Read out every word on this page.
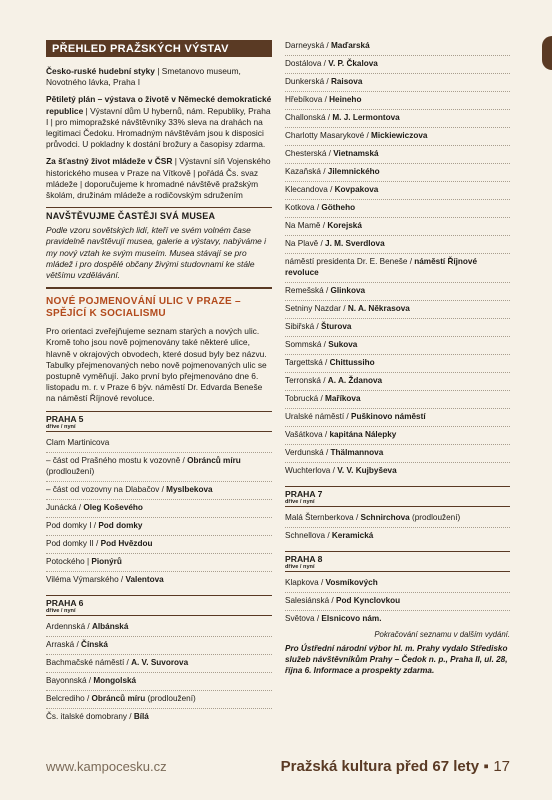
PŘEHLED PRAŽSKÝCH VÝSTAV

Česko-ruské hudební styky | Smetanovo museum, Novotného lávka, Praha I

Pětiletý plán – výstava o životě v Německé demokratické republice | Výstavní dům U hybernů, nám. Republiky, Praha I | pro mimopražské návštěvníky 33% sleva na drahách na legitimaci Čedoku. Hromadným návštěvám jsou k disposici průvodci. U pokladny k dostání brožury a časopisy zdarma.

Za šťastný život mládeže v ČSR | Výstavní síň Vojenského historického musea v Praze na Vítkově | pořádá Čs. svaz mládeže | doporučujeme k hromadné návštěvě pražským školám, družinám mládeže a rodičovským sdružením

NAVŠTĚVUJME ČASTĚJI SVÁ MUSEA

Podle vzoru sovětských lidí, kteří ve svém volném čase pravidelně navštěvují musea, galerie a výstavy, nabýváme i my nový vztah ke svým museím. Musea stávají se pro mládež i pro dospělé občany živými studovnami ke stále většímu vzdělávání.

NOVÉ POJMENOVÁNÍ ULIC V PRAZE – SPĚJÍCÍ K SOCIALISMU

Pro orientaci zveřejňujeme seznam starých a nových ulic. Kromě toho jsou nově pojmenovány také některé ulice, hlavně v okrajových obvodech, které dosud byly bez názvu. Tabulky přejmenovaných nebo nově pojmenovaných ulic se postupně vyměňují. Jako první bylo přejmenováno dne 6. listopadu m. r. v Praze 6 býv. náměstí Dr. Edvarda Beneše na náměstí Říjnové revoluce.

PRAHA 5
dříve / nyní
Clam Martinicova
– část od Prašného mostu k vozovně / Obránců míru (prodloužení)
– část od vozovny na Dlabačov / Myslbekova
Junácká / Oleg Koševého
Pod domky I / Pod domky
Pod domky II / Pod Hvězdou
Potockého | Pionýrů
Viléma Výmarského / Valentova
PRAHA 6
dříve / nyní
Ardennská / Albánská
Arraská / Čínská
Bachmačské náměstí / A. V. Suvorova
Bayonnská / Mongolská
Belcrediho / Obránců míru (prodloužení)
Čs. italské domobrany / Bílá
Darneyská / Maďarská
Dostálova / V. P. Čkalova
Dunkerská / Raisova
Hřebíkova / Heineho
Challonská / M. J. Lermontova
Charlotty Masarykové / Mickiewiczova
Chesterská / Vietnamská
Kazaňská / Jilemnického
Klecandova / Kovpakova
Kotkova / Götheho
Na Mamě / Korejská
Na Plavě / J. M. Sverdlova
náměstí presidenta Dr. E. Beneše / náměstí Říjnové revoluce
Remešská / Glinkova
Setniny Nazdar / N. A. Někrasova
Sibiřská / Šturova
Sommská / Sukova
Targettská / Chittussiho
Terronská / A. A. Ždanova
Tobrucká / Maříkova
Uralské náměstí / Puškinovo náměstí
Vašátkova / kapitána Nálepky
Verdunská / Thälmannova
Wuchterlova / V. V. Kujbyševa
PRAHA 7
dříve / nyní
Malá Šternberkova / Schnirchova (prodloužení)
Schnellova / Keramická
PRAHA 8
dříve / nyní
Klapkova / Vosmíkových
Salesiánská / Pod Kynclovkou
Světova / Elsnicovo nám.
Pokračování seznamu v dalším vydání.
Pro Ústřední národní výbor hl. m. Prahy vydalo Středisko služeb návštěvníkům Prahy – Čedok n. p., Praha II, ul. 28, října 6. Informace a prospekty zdarma.
www.kampocesku.cz	Pražská kultura před 67 lety ▪ 17
